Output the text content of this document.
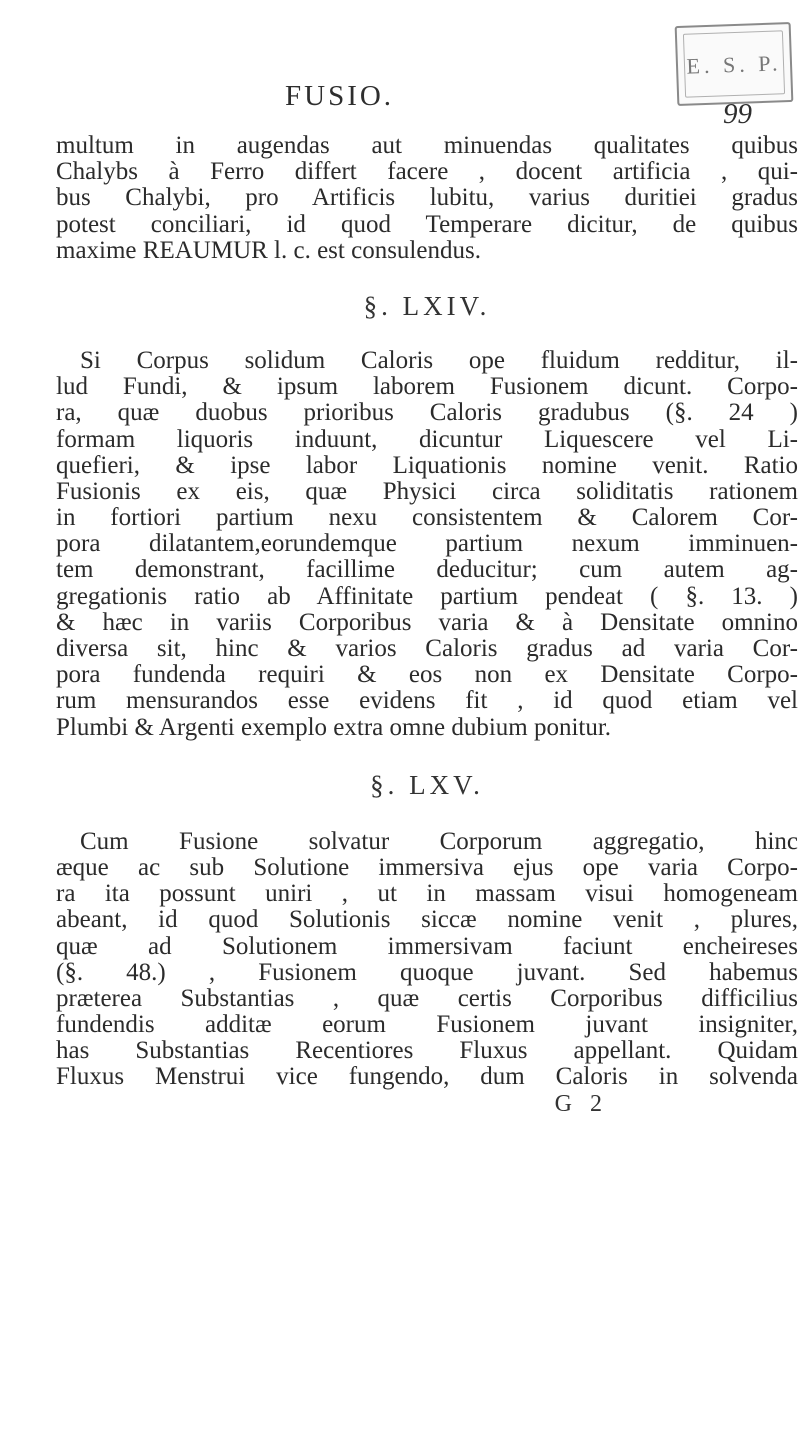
E. S. P.
FUSIO.
99
multum in augendas aut minuendas qualitates quibus
Chalybs à Ferro differt facere , docent artificia , qui-
bus Chalybi, pro Artificis lubitu, varius duritiei gradus
potest conciliari, id quod Temperare dicitur, de quibus
maxime REAUMUR l. c. est consulendus.
§. LXIV.
Si Corpus solidum Caloris ope fluidum redditur, il-
lud Fundi, & ipsum laborem Fusionem dicunt. Corpo-
ra, quæ duobus prioribus Caloris gradubus (§. 24 )
formam liquoris induunt, dicuntur Liquescere vel Li-
quefieri, & ipse labor Liquationis nomine venit. Ratio
Fusionis ex eis, quæ Physici circa soliditatis rationem
in fortiori partium nexu consistentem & Calorem Cor-
pora dilatantem,eorundemque partium nexum imminuen-
tem demonstrant, facillime deducitur; cum autem ag-
gregationis ratio ab Affinitate partium pendeat ( §. 13. )
& hæc in variis Corporibus varia & à Densitate omnino
diversa sit, hinc & varios Caloris gradus ad varia Cor-
pora fundenda requiri & eos non ex Densitate Corpo-
rum mensurandos esse evidens fit , id quod etiam vel
Plumbi & Argenti exemplo extra omne dubium ponitur.
§. LXV.
Cum Fusione solvatur Corporum aggregatio, hinc
æque ac sub Solutione immersiva ejus ope varia Corpo-
ra ita possunt uniri , ut in massam visui homogeneam
abeant, id quod Solutionis siccæ nomine venit , plures,
quæ ad Solutionem immersivam faciunt encheireses
(§. 48.) , Fusionem quoque juvant. Sed habemus
præterea Substantias , quæ certis Corporibus difficilius
fundendis additæ eorum Fusionem juvant insigniter,
has Substantias Recentiores Fluxus appellant. Quidam
Fluxus Menstrui vice fungendo, dum Caloris in solvenda
G 2
